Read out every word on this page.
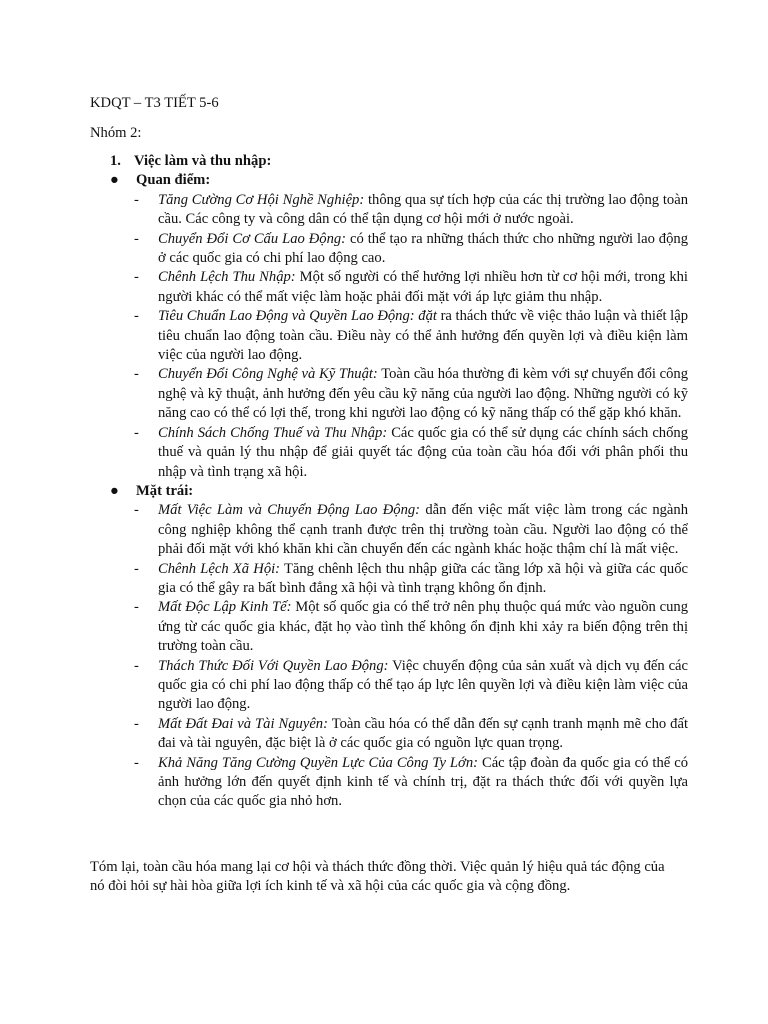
KDQT – T3 TIẾT 5-6
Nhóm 2:
1. Việc làm và thu nhập:
● Quan điểm:
- Tăng Cường Cơ Hội Nghề Nghiệp: thông qua sự tích hợp của các thị trường lao động toàn cầu. Các công ty và công dân có thể tận dụng cơ hội mới ở nước ngoài.
- Chuyển Đổi Cơ Cấu Lao Động: có thể tạo ra những thách thức cho những người lao động ở các quốc gia có chi phí lao động cao.
- Chênh Lệch Thu Nhập: Một số người có thể hưởng lợi nhiều hơn từ cơ hội mới, trong khi người khác có thể mất việc làm hoặc phải đối mặt với áp lực giảm thu nhập.
- Tiêu Chuẩn Lao Động và Quyền Lao Động: đặt ra thách thức về việc thảo luận và thiết lập tiêu chuẩn lao động toàn cầu. Điều này có thể ảnh hưởng đến quyền lợi và điều kiện làm việc của người lao động.
- Chuyển Đổi Công Nghệ và Kỹ Thuật: Toàn cầu hóa thường đi kèm với sự chuyển đổi công nghệ và kỹ thuật, ảnh hưởng đến yêu cầu kỹ năng của người lao động. Những người có kỹ năng cao có thể có lợi thế, trong khi người lao động có kỹ năng thấp có thể gặp khó khăn.
- Chính Sách Chống Thuế và Thu Nhập: Các quốc gia có thể sử dụng các chính sách chống thuế và quản lý thu nhập để giải quyết tác động của toàn cầu hóa đối với phân phối thu nhập và tình trạng xã hội.
● Mặt trái:
- Mất Việc Làm và Chuyển Động Lao Động: dẫn đến việc mất việc làm trong các ngành công nghiệp không thể cạnh tranh được trên thị trường toàn cầu. Người lao động có thể phải đối mặt với khó khăn khi cần chuyển đến các ngành khác hoặc thậm chí là mất việc.
- Chênh Lệch Xã Hội: Tăng chênh lệch thu nhập giữa các tầng lớp xã hội và giữa các quốc gia có thể gây ra bất bình đẳng xã hội và tình trạng không ổn định.
- Mất Độc Lập Kinh Tế: Một số quốc gia có thể trở nên phụ thuộc quá mức vào nguồn cung ứng từ các quốc gia khác, đặt họ vào tình thế không ổn định khi xảy ra biến động trên thị trường toàn cầu.
- Thách Thức Đối Với Quyền Lao Động: Việc chuyển động của sản xuất và dịch vụ đến các quốc gia có chi phí lao động thấp có thể tạo áp lực lên quyền lợi và điều kiện làm việc của người lao động.
- Mất Đất Đai và Tài Nguyên: Toàn cầu hóa có thể dẫn đến sự cạnh tranh mạnh mẽ cho đất đai và tài nguyên, đặc biệt là ở các quốc gia có nguồn lực quan trọng.
- Khả Năng Tăng Cường Quyền Lực Của Công Ty Lớn: Các tập đoàn đa quốc gia có thể có ảnh hưởng lớn đến quyết định kinh tế và chính trị, đặt ra thách thức đối với quyền lựa chọn của các quốc gia nhỏ hơn.
Tóm lại, toàn cầu hóa mang lại cơ hội và thách thức đồng thời. Việc quản lý hiệu quả tác động của nó đòi hỏi sự hài hòa giữa lợi ích kinh tế và xã hội của các quốc gia và cộng đồng.
